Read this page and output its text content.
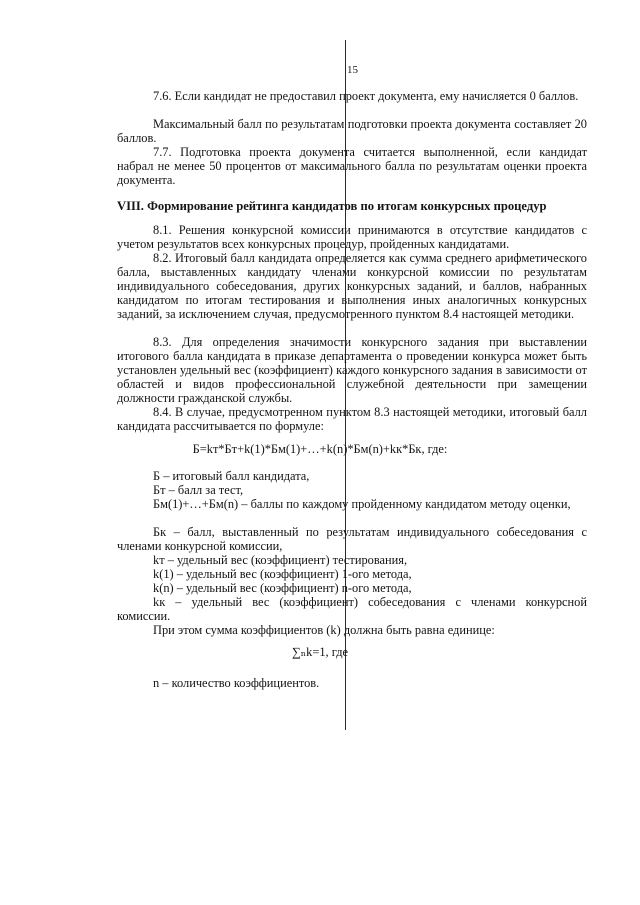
15

7.6. Если кандидат не предоставил проект документа, ему начисляется 0 баллов.

Максимальный балл по результатам подготовки проекта документа составляет 20 баллов.

7.7. Подготовка проекта документа считается выполненной, если кандидат набрал не менее 50 процентов от максимального балла по результатам оценки проекта документа.

VIII. Формирование рейтинга кандидатов по итогам конкурсных процедур

8.1. Решения конкурсной комиссии принимаются в отсутствие кандидатов с учетом результатов всех конкурсных процедур, пройденных кандидатами.

8.2. Итоговый балл кандидата определяется как сумма среднего арифметического балла, выставленных кандидату членами конкурсной комиссии по результатам индивидуального собеседования, других конкурсных заданий, и баллов, набранных кандидатом по итогам тестирования и выполнения иных аналогичных конкурсных заданий, за исключением случая, предусмотренного пунктом 8.4 настоящей методики.

8.3. Для определения значимости конкурсного задания при выставлении итогового балла кандидата в приказе департамента о проведении конкурса может быть установлен удельный вес (коэффициент) каждого конкурсного задания в зависимости от областей и видов профессиональной служебной деятельности при замещении должности гражданской службы.

8.4. В случае, предусмотренном пунктом 8.3 настоящей методики, итоговый балл кандидата рассчитывается по формуле:

Б=kт*Бт+k(1)*Бм(1)+…+k(n)*Бм(n)+kк*Бк, где:

Б – итоговый балл кандидата,

Бт – балл за тест,

Бм(1)+…+Бм(n) – баллы по каждому пройденному кандидатом методу оценки,

Бк – балл, выставленный по результатам индивидуального собеседования с членами конкурсной комиссии,

kт – удельный вес (коэффициент) тестирования,

k(1) – удельный вес (коэффициент) 1-ого метода,

k(n) – удельный вес (коэффициент) n-ого метода,

kк – удельный вес (коэффициент) собеседования с членами конкурсной комиссии.

При этом сумма коэффициентов (k) должна быть равна единице:

∑ₙk=1, где

n – количество коэффициентов.
